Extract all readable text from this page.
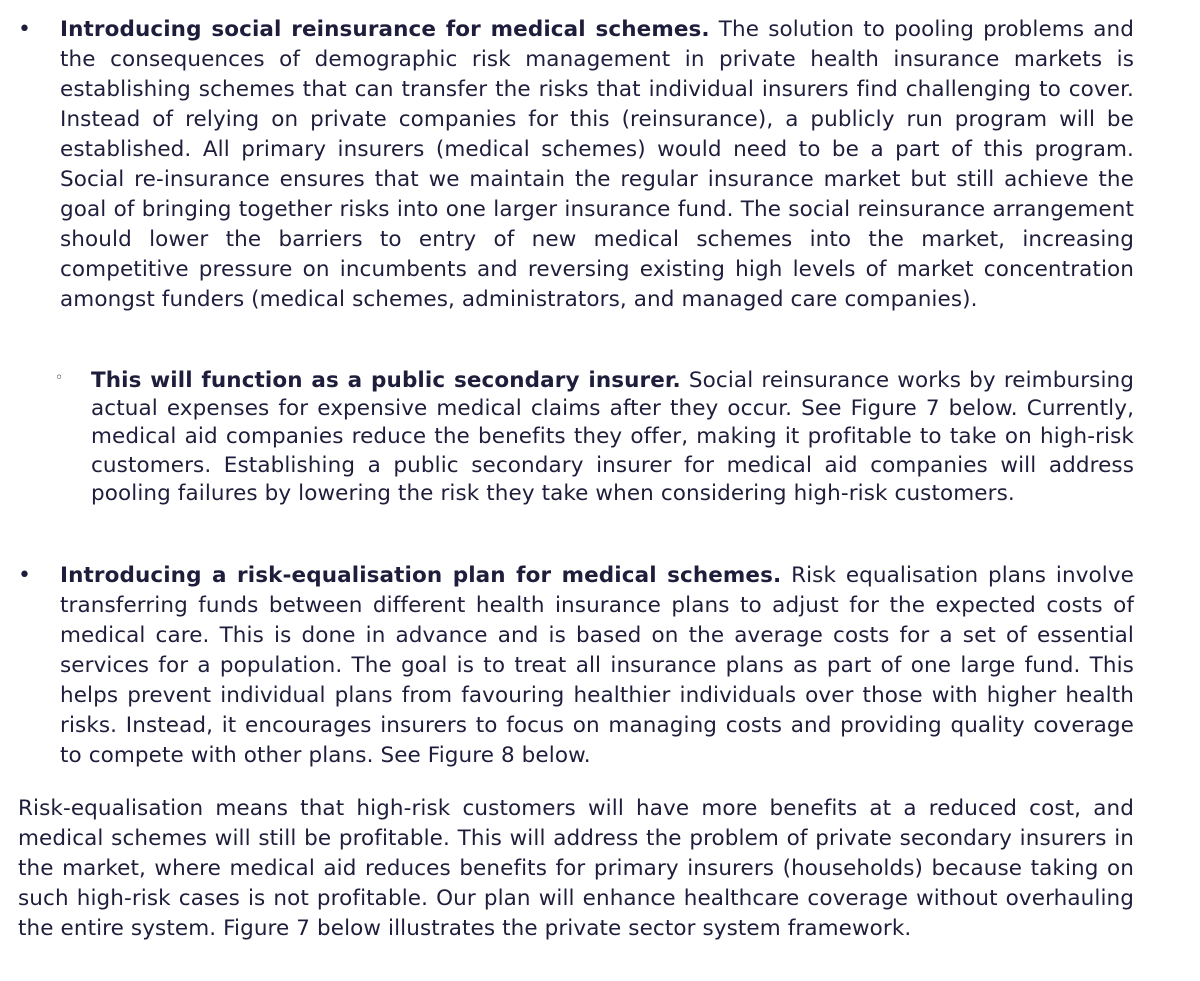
• Introducing social reinsurance for medical schemes. The solution to pooling problems and the consequences of demographic risk management in private health insurance markets is establishing schemes that can transfer the risks that individual insurers find challenging to cover. Instead of relying on private companies for this (reinsurance), a publicly run program will be established. All primary insurers (medical schemes) would need to be a part of this program. Social re-insurance ensures that we maintain the regular insurance market but still achieve the goal of bringing together risks into one larger insurance fund. The social reinsurance arrangement should lower the barriers to entry of new medical schemes into the market, increasing competitive pressure on incumbents and reversing existing high levels of market concentration amongst funders (medical schemes, administrators, and managed care companies).

◦ This will function as a public secondary insurer. Social reinsurance works by reimbursing actual expenses for expensive medical claims after they occur. See Figure 7 below. Currently, medical aid companies reduce the benefits they offer, making it profitable to take on high-risk customers. Establishing a public secondary insurer for medical aid companies will address pooling failures by lowering the risk they take when considering high-risk customers.

• Introducing a risk-equalisation plan for medical schemes. Risk equalisation plans involve transferring funds between different health insurance plans to adjust for the expected costs of medical care. This is done in advance and is based on the average costs for a set of essential services for a population. The goal is to treat all insurance plans as part of one large fund. This helps prevent individual plans from favouring healthier individuals over those with higher health risks. Instead, it encourages insurers to focus on managing costs and providing quality coverage to compete with other plans. See Figure 8 below.

Risk-equalisation means that high-risk customers will have more benefits at a reduced cost, and medical schemes will still be profitable. This will address the problem of private secondary insurers in the market, where medical aid reduces benefits for primary insurers (households) because taking on such high-risk cases is not profitable. Our plan will enhance healthcare coverage without overhauling the entire system. Figure 7 below illustrates the private sector system framework.
